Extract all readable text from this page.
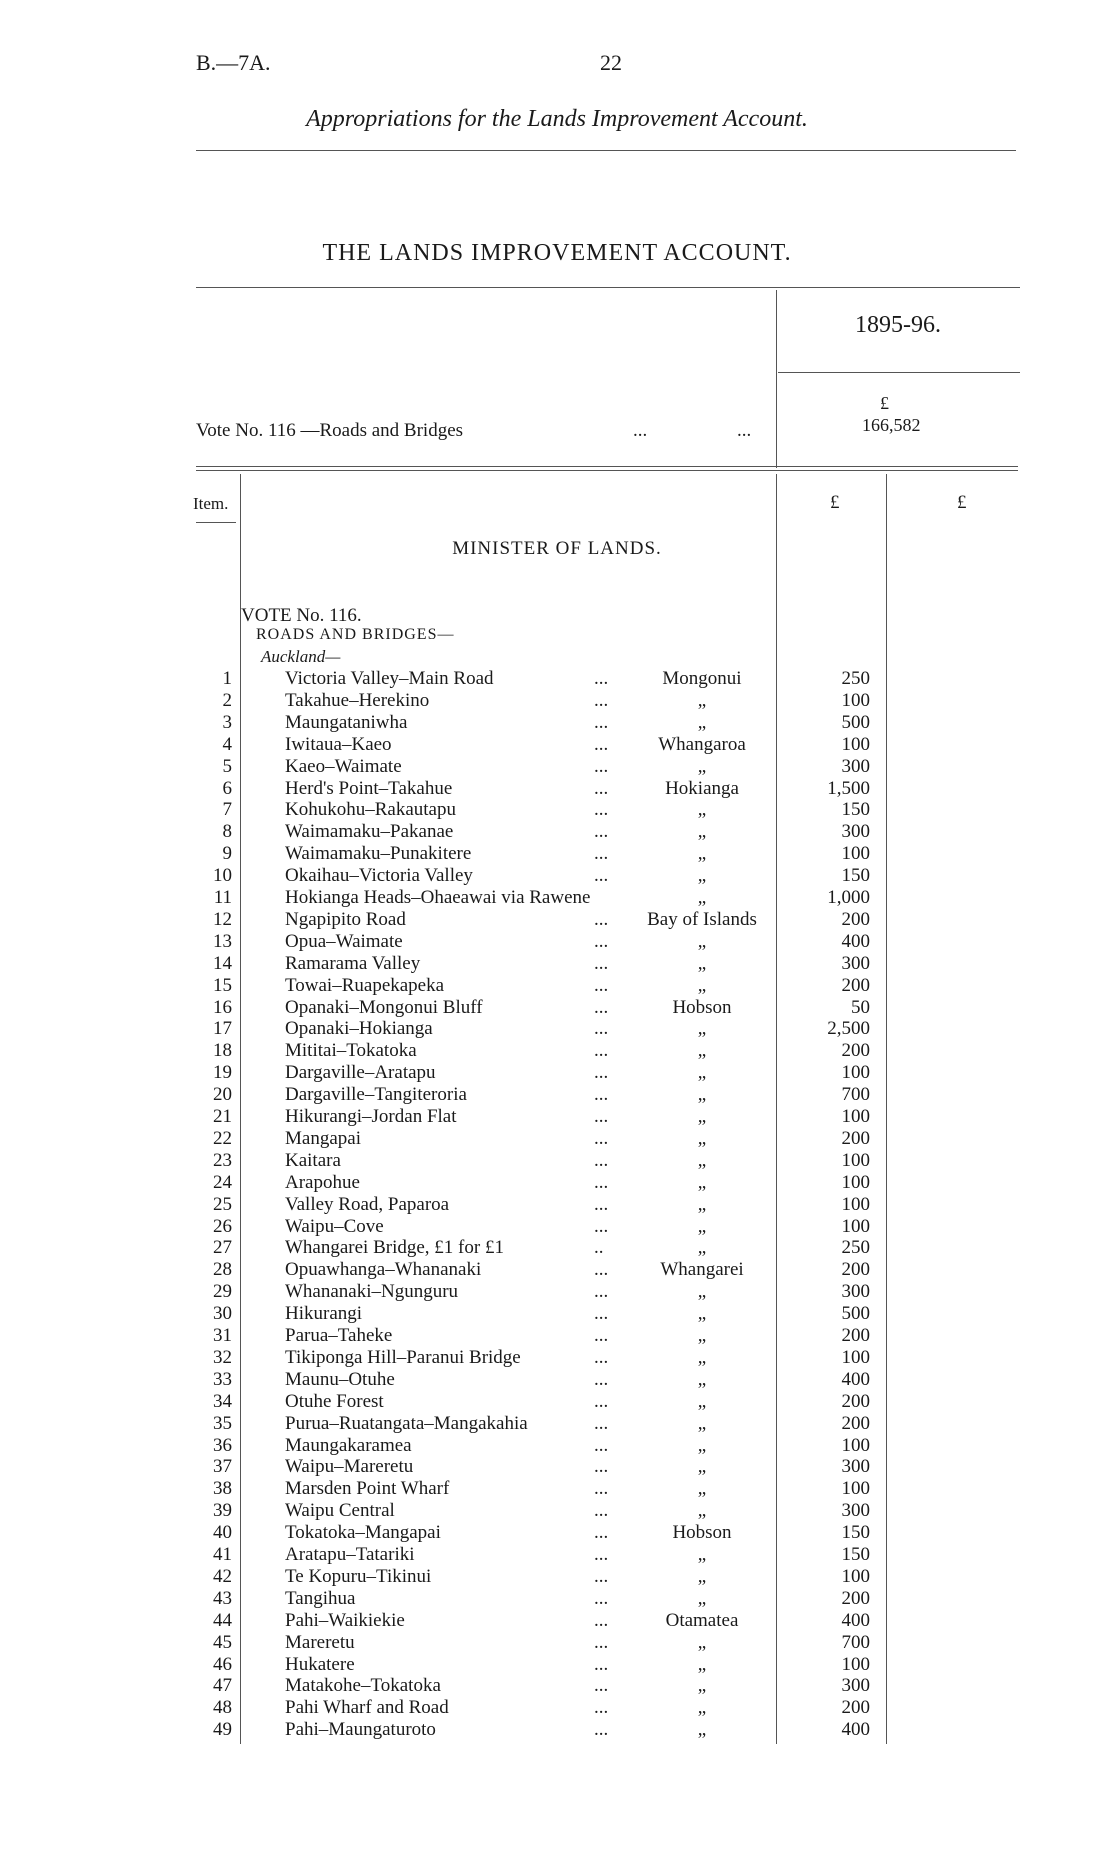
B.—7A.	22
Appropriations for the Lands Improvement Account.
THE LANDS IMPROVEMENT ACCOUNT.
1895-96.
£
166,582
Vote No. 116 —Roads and Bridges	...	...
Item.	£	£
MINISTER OF LANDS.
VOTE No. 116.
ROADS AND BRIDGES—
Auckland—
1	Victoria Valley–Main Road	...	Mongonui	250
2	Takahue–Herekino	...	„	100
3	Maungataniwha	...	„	500
4	Iwitaua–Kaeo	...	Whangaroa	100
5	Kaeo–Waimate	...	„	300
6	Herd's Point–Takahue	...	Hokianga	1,500
7	Kohukohu–Rakautapu	...	„	150
8	Waimamaku–Pakanae	...	„	300
9	Waimamaku–Punakitere	...	„	100
10	Okaihau–Victoria Valley	...	„	150
11	Hokianga Heads–Ohaeawai via Rawene	„	1,000
12	Ngapipito Road	...	Bay of Islands	200
13	Opua–Waimate	...	„	400
14	Ramarama Valley	...	„	300
15	Towai–Ruapekapeka	...	„	200
16	Opanaki–Mongonui Bluff	...	Hobson	50
17	Opanaki–Hokianga	...	„	2,500
18	Mititai–Tokatoka	...	„	200
19	Dargaville–Aratapu	...	„	100
20	Dargaville–Tangiteroria	...	„	700
21	Hikurangi–Jordan Flat	...	„	100
22	Mangapai	...	„	200
23	Kaitara	...	„	100
24	Arapohue	...	„	100
25	Valley Road, Paparoa	...	„	100
26	Waipu–Cove	...	„	100
27	Whangarei Bridge, £1 for £1	..	„	250
28	Opuawhanga–Whananaki	...	Whangarei	200
29	Whananaki–Ngunguru	...	„	300
30	Hikurangi	...	„	500
31	Parua–Taheke	...	„	200
32	Tikiponga Hill–Paranui Bridge	...	„	100
33	Maunu–Otuhe	...	„	400
34	Otuhe Forest	...	„	200
35	Purua–Ruatangata–Mangakahia	...	„	200
36	Maungakaramea	...	„	100
37	Waipu–Mareretu	...	„	300
38	Marsden Point Wharf	...	„	100
39	Waipu Central	...	„	300
40	Tokatoka–Mangapai	...	Hobson	150
41	Aratapu–Tatariki	...	„	150
42	Te Kopuru–Tikinui	...	„	100
43	Tangihua	...	„	200
44	Pahi–Waikiekie	...	Otamatea	400
45	Mareretu	...	„	700
46	Hukatere	...	„	100
47	Matakohe–Tokatoka	...	„	300
48	Pahi Wharf and Road	...	„	200
49	Pahi–Maungaturoto	...	„	400
